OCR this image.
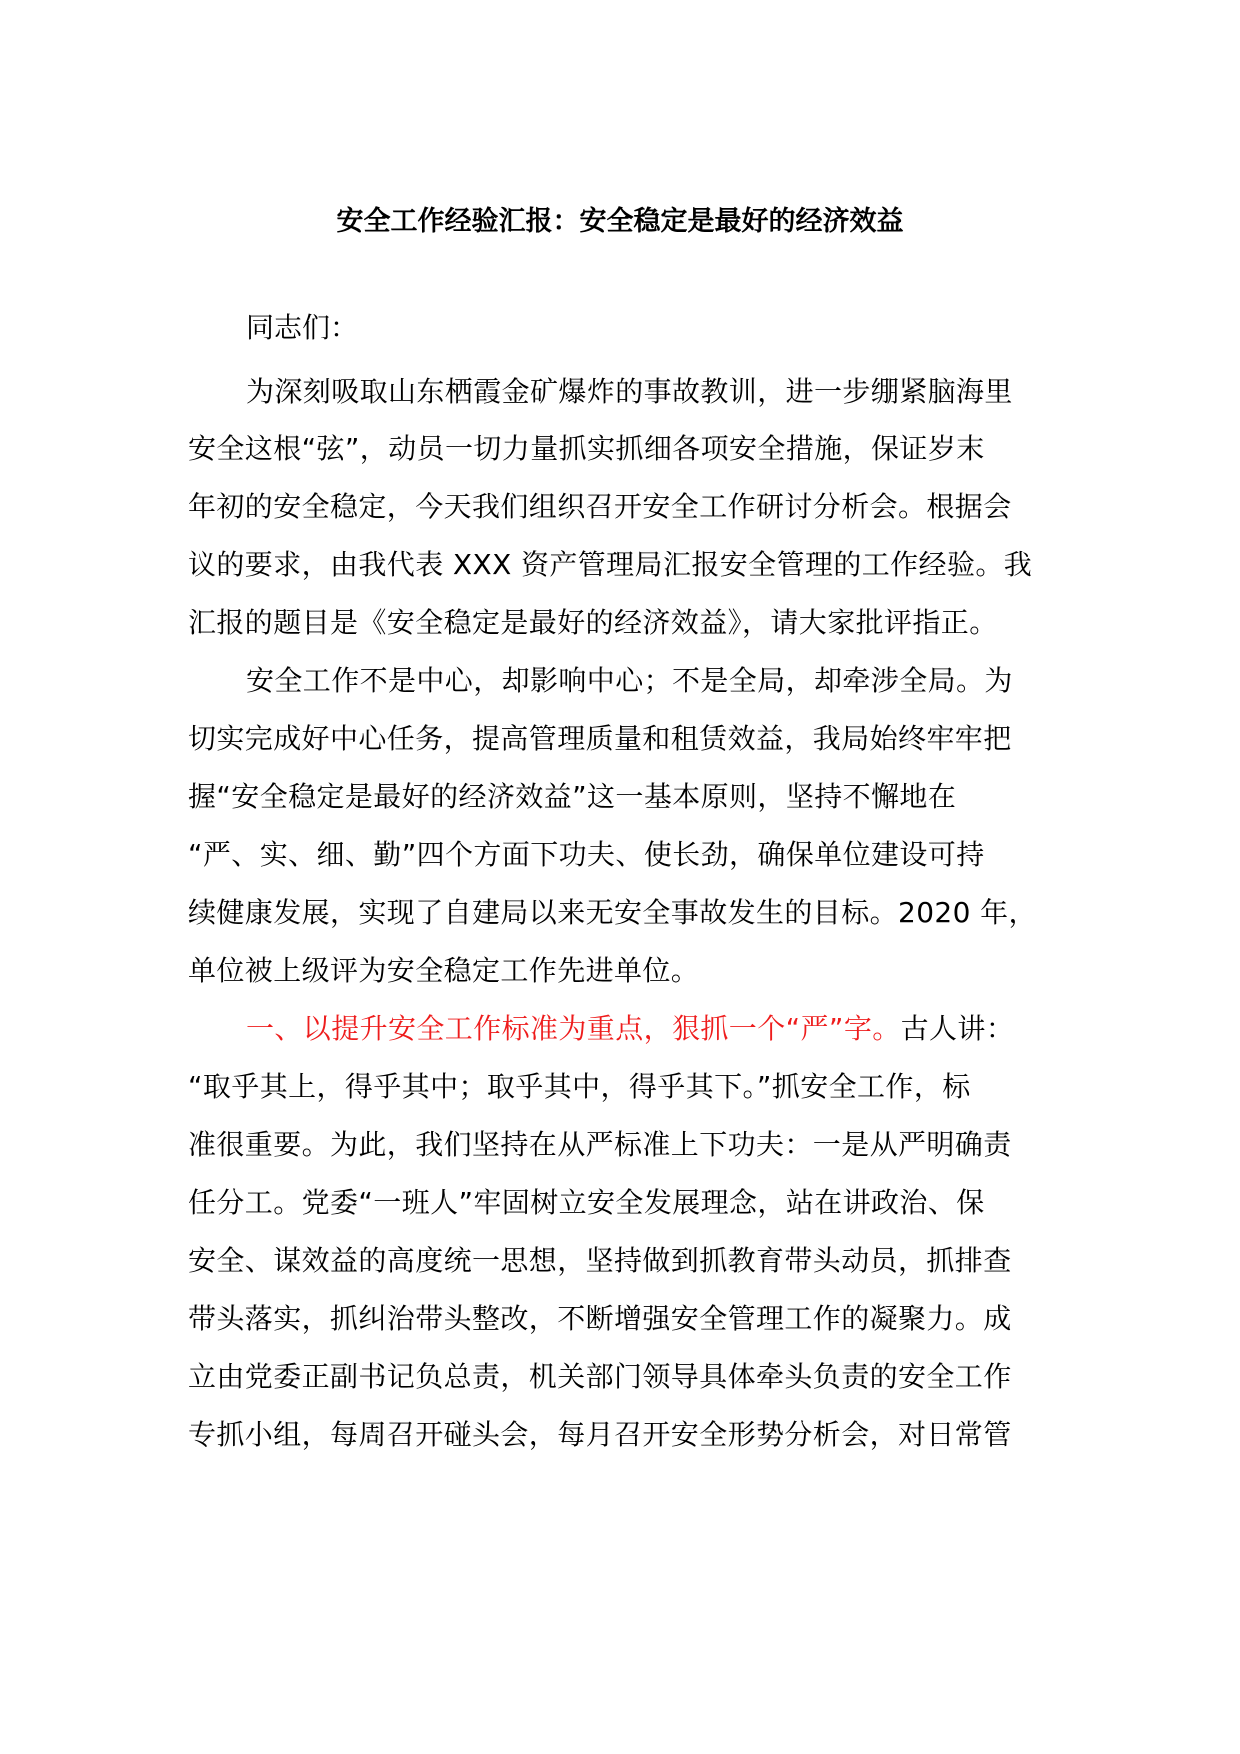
安全工作经验汇报：安全稳定是最好的经济效益
同志们：
为深刻吸取山东栖霞金矿爆炸的事故教训，进一步绷紧脑海里
安全这根“弦”，动员一切力量抓实抓细各项安全措施，保证岁末
年初的安全稳定，今天我们组织召开安全工作研讨分析会。根据会
议的要求，由我代表 XXX 资产管理局汇报安全管理的工作经验。我
汇报的题目是《安全稳定是最好的经济效益》，请大家批评指正。
安全工作不是中心，却影响中心；不是全局，却牵涉全局。为
切实完成好中心任务，提高管理质量和租赁效益，我局始终牢牢把
握“安全稳定是最好的经济效益”这一基本原则，坚持不懈地在
“严、实、细、勤”四个方面下功夫、使长劲，确保单位建设可持
续健康发展，实现了自建局以来无安全事故发生的目标。2020 年，
单位被上级评为安全稳定工作先进单位。
一、以提升安全工作标准为重点，狠抓一个“严”字。古人讲：
“取乎其上，得乎其中；取乎其中，得乎其下。”抓安全工作，标
准很重要。为此，我们坚持在从严标准上下功夫：一是从严明确责
任分工。党委“一班人”牢固树立安全发展理念，站在讲政治、保
安全、谋效益的高度统一思想，坚持做到抓教育带头动员，抓排查
带头落实，抓纠治带头整改，不断增强安全管理工作的凝聚力。成
立由党委正副书记负总责，机关部门领导具体牵头负责的安全工作
专抓小组，每周召开碰头会，每月召开安全形势分析会，对日常管
